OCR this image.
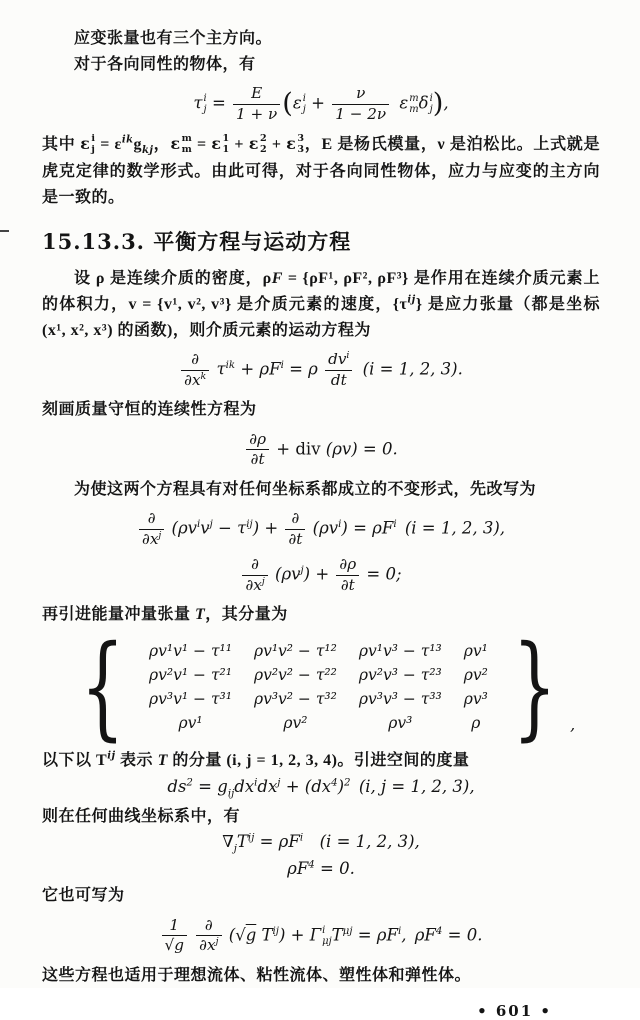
应变张量也有三个主方向。

对于各向同性的物体，有

τ i
$j = \frac{E}{1 + \nu} (\varepsilon$ i
$j + \frac{\nu}{1 - 2\nu}$
  ε m
m δ i
j ),

其中 ε i
$j = \varepsilon^{ik}g_{kj}$，ε m
m = ε 1
1 + ε 2
2 + ε 3
3 ，E 是杨氏模量，ν 是泊松比。上式就是虎克定律的数学形式。由此可得，对于各向同性物体，应力与应变的主方向是一致的。

15.13.3. 平衡方程与运动方程

设 ρ 是连续介质的密度，ρF = {ρF¹, ρF², ρF³} 是作用在连续介质元素上的体积力，v = {v¹, v², v³} 是介质元素的速度，$\{\tau^{ij}\}$ 是应力张量（都是坐标 (x¹, x², x³) 的函数)，则介质元素的运动方程为

$\frac{\partial}{\partial x^k} \tau^{ik} + \rho F^i = \rho \frac{dv^i}{dt}$  (i = 1, 2, 3).

刻画质量守恒的连续性方程为

$\frac{\partial\rho}{\partial t}$ + div (ρv) = 0.

为使这两个方程具有对任何坐标系都成立的不变形式，先改写为

$\frac{\partial}{\partial x^j} (\rho v^iv^j - \tau^{ij}) + \frac{\partial}{\partial t} (\rho v^i) = \rho F^i$ (i = 1, 2, 3),
$\frac{\partial}{\partial x^j} (\rho v^j) + \frac{\partial\rho}{\partial t} = 0$;

再引进能量冲量张量 T，其分量为

{ ρv¹v¹ − τ¹¹	ρv¹v² − τ¹²	ρv¹v³ − τ¹³	ρv¹
ρv²v¹ − τ²¹	ρv²v² − τ²²	ρv²v³ − τ²³	ρv²
ρv³v¹ − τ³¹	ρv³v² − τ³²	ρv³v³ − τ³³	ρv³
ρv¹	ρv²	ρv³	ρ } ,

以下以 $T^{ij}$ 表示 T 的分量 (i, j = 1, 2, 3, 4)。引进空间的度量

$ds^2 = g_{ij}dx^idx^j + (dx^4)^2$ (i, j = 1, 2, 3),

则在任何曲线坐标系中，有

$\nabla_jT^{ij} = \rho F^i$ (i = 1, 2, 3),
$\rho F^4 = 0$.

它也可写为

$\frac{1}{√g}$
$\frac{\partial}{\partial x^j} (√g$ $T^{ij}) + \Gamma$ i
μj $T^{\mu j} = \rho F^i$, $\rho F^4 = 0$.

这些方程也适用于理想流体、粘性流体、塑性体和弹性体。

• 601 •
